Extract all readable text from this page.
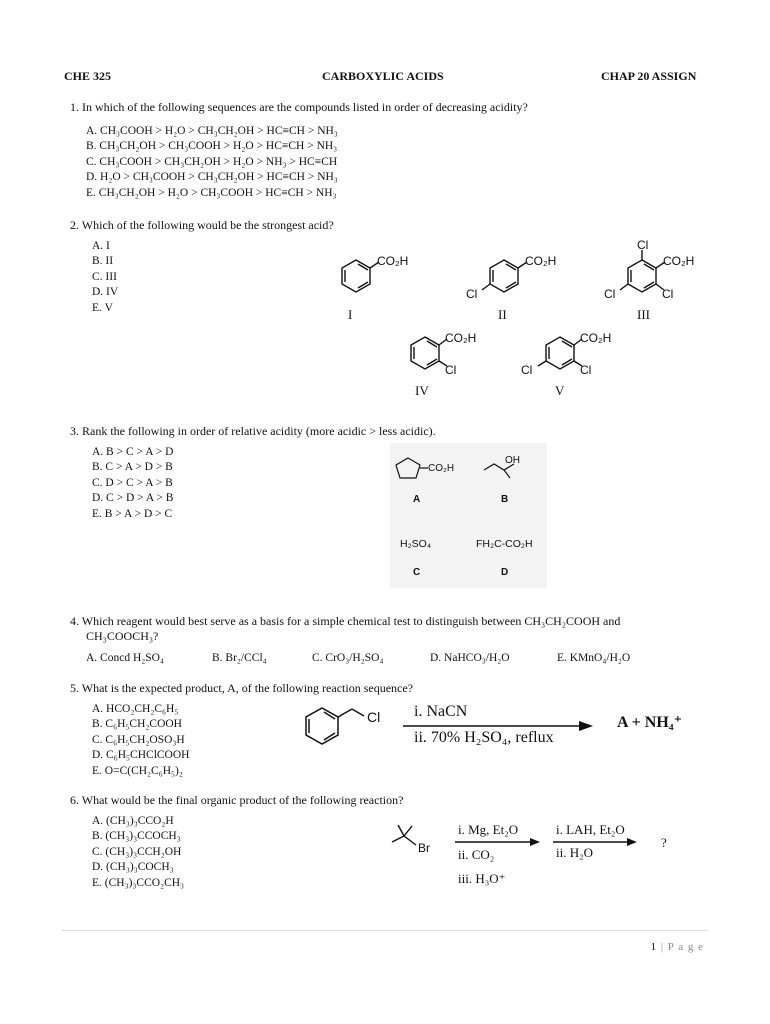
CHE 325	CARBOXYLIC ACIDS	CHAP 20 ASSIGN
1. In which of the following sequences are the compounds listed in order of decreasing acidity?
A. CH₃COOH > H₂O > CH₃CH₂OH > HC≡CH > NH₃
B. CH₃CH₂OH > CH₃COOH > H₂O > HC≡CH > NH₃
C. CH₃COOH > CH₃CH₂OH > H₂O > NH₃ > HC≡CH
D. H₂O > CH₃COOH > CH₃CH₂OH > HC≡CH > NH₃
E. CH₃CH₂OH > H₂O > CH₃COOH > HC≡CH > NH₃
2. Which of the following would be the strongest acid?
A. I
B. II
C. III
D. IV
E. V
CO₂H	CO₂H
Cl
CO₂H
Cl
Cl	Cl
CO₂H
Cl
CO₂H
Cl
Cl
I	II	III
IV	V
3. Rank the following in order of relative acidity (more acidic > less acidic).
A. B > C > A > D
B. C > A > D > B
C. D > C > A > B
D. C > D > A > B
E. B > A > D > C
CO₂H
OH
A	B
H₂SO₄	FH₂C-CO₂H
C	D
4. Which reagent would best serve as a basis for a simple chemical test to distinguish between CH₃CH₂COOH and
CH₃COOCH₃?
A. Concd H₂SO₄	B. Br₂/CCl₄	C. CrO₃/H₂SO₄	D. NaHCO₃/H₂O	E. KMnO₄/H₂O
5. What is the expected product, A, of the following reaction sequence?
A. HCO₂CH₂C₆H₅
B. C₆H₅CH₂COOH
C. C₆H₅CH₂OSO₃H
D. C₆H₅CHClCOOH
E. O=C(CH₂C₆H₅)₂
Cl i. NaCN
ii. 70% H₂SO₄, reflux
A + NH₄⁺
6. What would be the final organic product of the following reaction?
A. (CH₃)₃CCO₂H
B. (CH₃)₃CCOCH₃
C. (CH₃)₃CCH₂OH
D. (CH₃)₃COCH₃
E. (CH₃)₃CCO₂CH₃
Br
i. Mg, Et₂O
ii. CO₂
iii. H₃O⁺
i. LAH, Et₂O
ii. H₂O
?
1 | P a g e
